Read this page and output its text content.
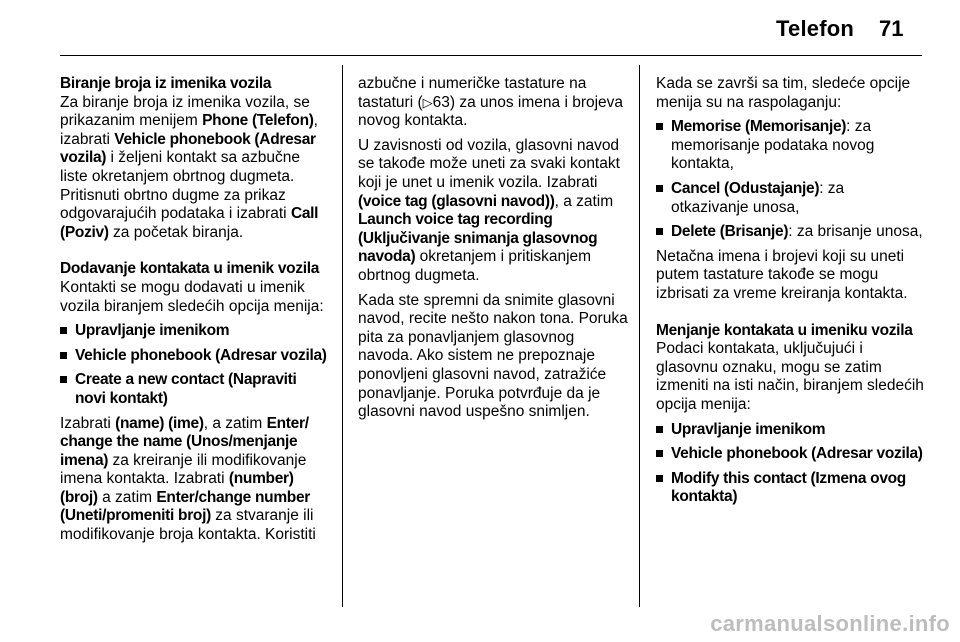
Telefon 71

Biranje broja iz imenika vozila

Za biranje broja iz imenika vozila, se prikazanim menijem Phone (Telefon), izabrati Vehicle phonebook (Adresar vozila) i željeni kontakt sa azbučne liste okretanjem obrtnog dugmeta. Pritisnuti obrtno dugme za prikaz odgovarajućih podataka i izabrati Call (Poziv) za početak biranja.

Dodavanje kontakata u imenik vozila

Kontakti se mogu dodavati u imenik vozila biranjem sledećih opcija menija:

Upravljanje imenikom
Vehicle phonebook (Adresar vozila)
Create a new contact (Napraviti novi kontakt)

Izabrati (name) (ime), a zatim Enter/ change the name (Unos/menjanje imena) za kreiranje ili modifikovanje imena kontakta. Izabrati (number) (broj) a zatim Enter/change number (Uneti/promeniti broj) za stvaranje ili modifikovanje broja kontakta. Koristiti

azbučne i numeričke tastature na tastaturi (▷63) za unos imena i brojeva novog kontakta.

U zavisnosti od vozila, glasovni navod se takođe može uneti za svaki kontakt koji je unet u imenik vozila. Izabrati (voice tag (glasovni navod)), a zatim Launch voice tag recording (Uključivanje snimanja glasovnog navoda) okretanjem i pritiskanjem obrtnog dugmeta.

Kada ste spremni da snimite glasovni navod, recite nešto nakon tona. Poruka pita za ponavljanjem glasovnog navoda. Ako sistem ne prepoznaje ponovljeni glasovni navod, zatražiće ponavljanje. Poruka potvrđuje da je glasovni navod uspešno snimljen.

Kada se završi sa tim, sledeće opcije menija su na raspolaganju:

Memorise (Memorisanje): za memorisanje podataka novog kontakta,
Cancel (Odustajanje): za otkazivanje unosa,
Delete (Brisanje): za brisanje unosa,

Netačna imena i brojevi koji su uneti putem tastature takođe se mogu izbrisati za vreme kreiranja kontakta.

Menjanje kontakata u imeniku vozila

Podaci kontakata, uključujući i glasovnu oznaku, mogu se zatim izmeniti na isti način, biranjem sledećih opcija menija:

Upravljanje imenikom
Vehicle phonebook (Adresar vozila)
Modify this contact (Izmena ovog kontakta)
carmanualsonline.info
